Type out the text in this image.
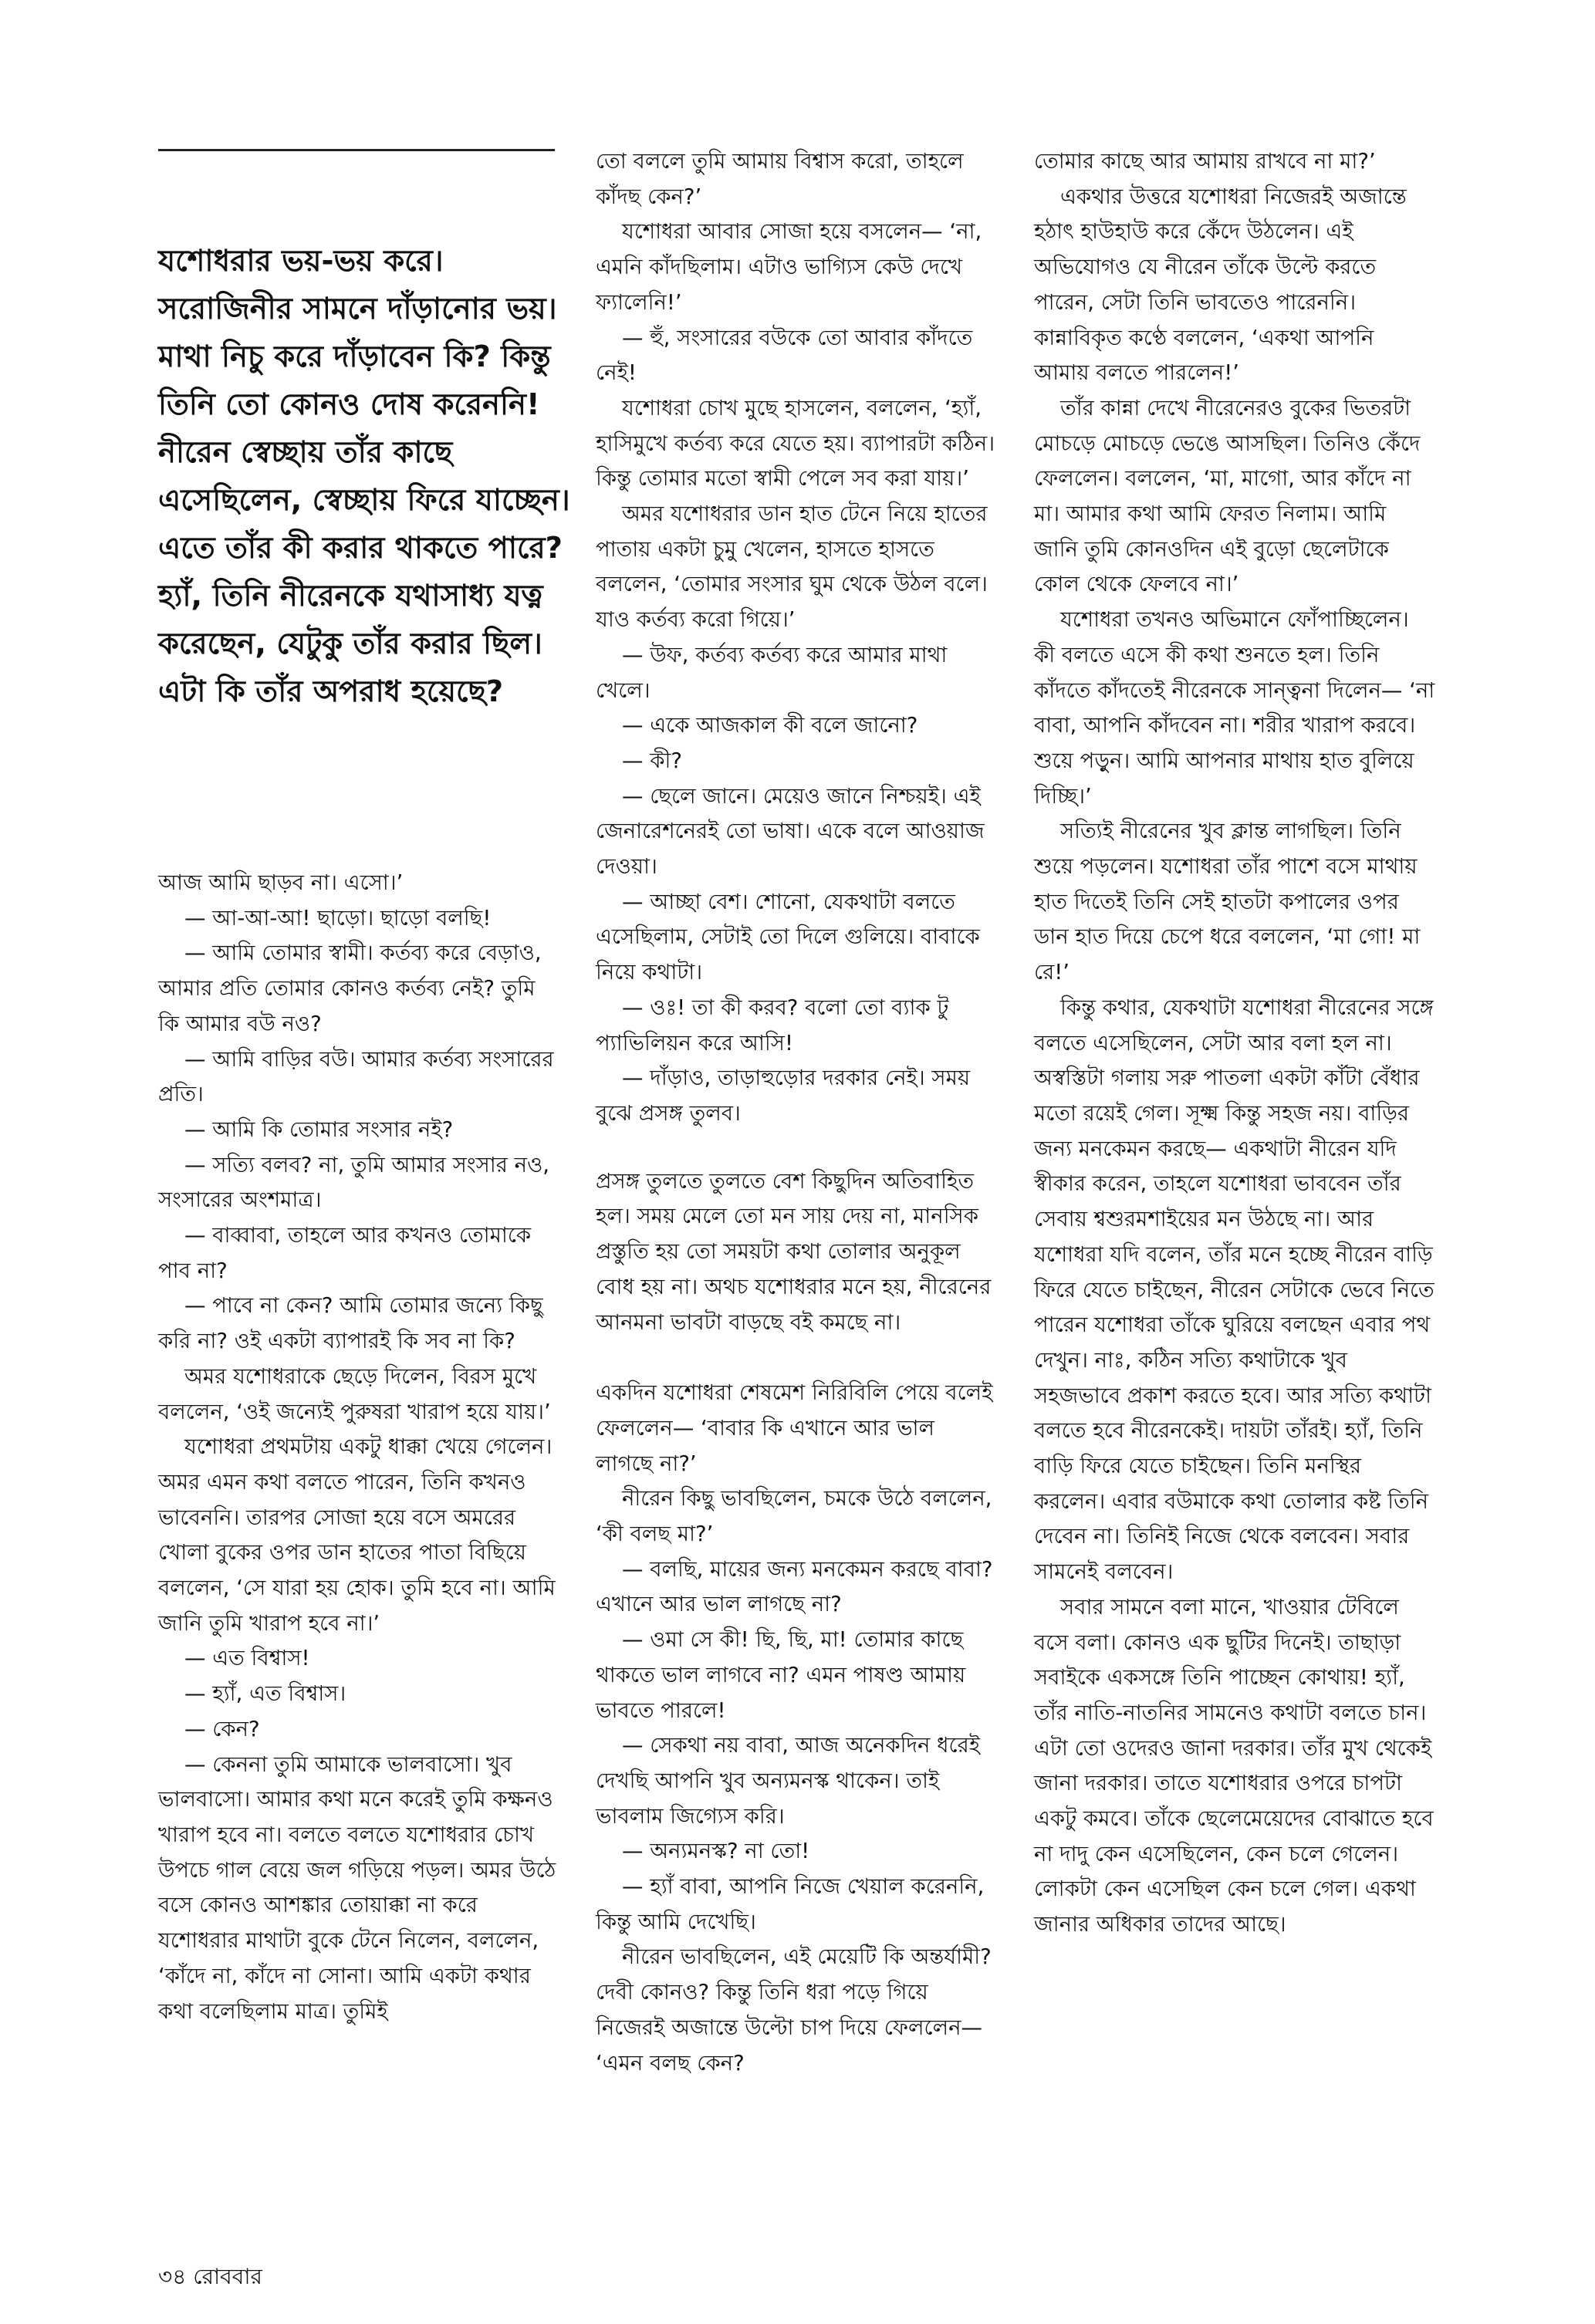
যশোধরার ভয়-ভয় করে। সরোজিনীর সামনে দাঁড়ানোর ভয়। মাথা নিচু করে দাঁড়াবেন কি? কিন্তু তিনি তো কোনও দোষ করেননি! নীরেন স্বেচ্ছায় তাঁর কাছে এসেছিলেন, স্বেচ্ছায় ফিরে যাচ্ছেন। এতে তাঁর কী করার থাকতে পারে? হ্যাঁ, তিনি নীরেনকে যথাসাধ্য যত্ন করেছেন, যেটুকু তাঁর করার ছিল। এটা কি তাঁর অপরাধ হয়েছে?

আজ আমি ছাড়ব না। এসো।’

— আ-আ-আ! ছাড়ো। ছাড়ো বলছি!

— আমি তোমার স্বামী। কর্তব্য করে বেড়াও, আমার প্রতি তোমার কোনও কর্তব্য নেই? তুমি কি আমার বউ নও?

— আমি বাড়ির বউ। আমার কর্তব্য সংসারের প্রতি।

— আমি কি তোমার সংসার নই?

— সত্যি বলব? না, তুমি আমার সংসার নও, সংসারের অংশমাত্র।

— বাব্বাবা, তাহলে আর কখনও তোমাকে পাব না?

— পাবে না কেন? আমি তোমার জন্যে কিছু করি না? ওই একটা ব্যাপারই কি সব না কি?

অমর যশোধরাকে ছেড়ে দিলেন, বিরস মুখে বললেন, ‘ওই জন্যেই পুরুষরা খারাপ হয়ে যায়।’

যশোধরা প্রথমটায় একটু ধাক্কা খেয়ে গেলেন। অমর এমন কথা বলতে পারেন, তিনি কখনও ভাবেননি। তারপর সোজা হয়ে বসে অমরের খোলা বুকের ওপর ডান হাতের পাতা বিছিয়ে বললেন, ‘সে যারা হয় হোক। তুমি হবে না। আমি জানি তুমি খারাপ হবে না।’

— এত বিশ্বাস!

— হ্যাঁ, এত বিশ্বাস।

— কেন?

— কেননা তুমি আমাকে ভালবাসো। খুব ভালবাসো। আমার কথা মনে করেই তুমি কক্ষনও খারাপ হবে না। বলতে বলতে যশোধরার চোখ উপচে গাল বেয়ে জল গড়িয়ে পড়ল। অমর উঠে বসে কোনও আশঙ্কার তোয়াক্কা না করে যশোধরার মাথাটা বুকে টেনে নিলেন, বললেন, ‘কাঁদে না, কাঁদে না সোনা। আমি একটা কথার কথা বলেছিলাম মাত্র। তুমিই

তো বললে তুমি আমায় বিশ্বাস করো, তাহলে কাঁদছ কেন?’

যশোধরা আবার সোজা হয়ে বসলেন— ‘না, এমনি কাঁদছিলাম। এটাও ভাগ্যিস কেউ দেখে ফ্যালেনি!’

— হুঁ, সংসারের বউকে তো আবার কাঁদতে নেই!

যশোধরা চোখ মুছে হাসলেন, বললেন, ‘হ্যাঁ, হাসিমুখে কর্তব্য করে যেতে হয়। ব্যাপারটা কঠিন। কিন্তু তোমার মতো স্বামী পেলে সব করা যায়।’

অমর যশোধরার ডান হাত টেনে নিয়ে হাতের পাতায় একটা চুমু খেলেন, হাসতে হাসতে বললেন, ‘তোমার সংসার ঘুম থেকে উঠল বলে। যাও কর্তব্য করো গিয়ে।’

— উফ, কর্তব্য কর্তব্য করে আমার মাথা খেলে।

— একে আজকাল কী বলে জানো?

— কী?

— ছেলে জানে। মেয়েও জানে নিশ্চয়ই। এই জেনারেশনেরই তো ভাষা। একে বলে আওয়াজ দেওয়া।

— আচ্ছা বেশ। শোনো, যেকথাটা বলতে এসেছিলাম, সেটাই তো দিলে গুলিয়ে। বাবাকে নিয়ে কথাটা।

— ওঃ! তা কী করব? বলো তো ব্যাক টু প্যাভিলিয়ন করে আসি!

— দাঁড়াও, তাড়াহুড়োর দরকার নেই। সময় বুঝে প্রসঙ্গ তুলব।

প্রসঙ্গ তুলতে তুলতে বেশ কিছুদিন অতিবাহিত হল। সময় মেলে তো মন সায় দেয় না, মানসিক প্রস্তুতি হয় তো সময়টা কথা তোলার অনুকূল বোধ হয় না। অথচ যশোধরার মনে হয়, নীরেনের আনমনা ভাবটা বাড়ছে বই কমছে না।

একদিন যশোধরা শেষমেশ নিরিবিলি পেয়ে বলেই ফেললেন— ‘বাবার কি এখানে আর ভাল লাগছে না?’

নীরেন কিছু ভাবছিলেন, চমকে উঠে বললেন, ‘কী বলছ মা?’

— বলছি, মায়ের জন্য মনকেমন করছে বাবা? এখানে আর ভাল লাগছে না?

— ওমা সে কী! ছি, ছি, মা! তোমার কাছে থাকতে ভাল লাগবে না? এমন পাষণ্ড আমায় ভাবতে পারলে!

— সেকথা নয় বাবা, আজ অনেকদিন ধরেই দেখছি আপনি খুব অন্যমনস্ক থাকেন। তাই ভাবলাম জিগ্যেস করি।

— অন্যমনস্ক? না তো!

— হ্যাঁ বাবা, আপনি নিজে খেয়াল করেননি, কিন্তু আমি দেখেছি।

নীরেন ভাবছিলেন, এই মেয়েটি কি অন্তর্যামী? দেবী কোনও? কিন্তু তিনি ধরা পড়ে গিয়ে নিজেরই অজান্তে উল্টো চাপ দিয়ে ফেললেন— ‘এমন বলছ কেন?

তোমার কাছে আর আমায় রাখবে না মা?’

একথার উত্তরে যশোধরা নিজেরই অজান্তে হঠাৎ হাউহাউ করে কেঁদে উঠলেন। এই অভিযোগও যে নীরেন তাঁকে উল্টে করতে পারেন, সেটা তিনি ভাবতেও পারেননি। কান্নাবিকৃত কণ্ঠে বললেন, ‘একথা আপনি আমায় বলতে পারলেন!’

তাঁর কান্না দেখে নীরেনেরও বুকের ভিতরটা মোচড়ে মোচড়ে ভেঙে আসছিল। তিনিও কেঁদে ফেললেন। বললেন, ‘মা, মাগো, আর কাঁদে না মা। আমার কথা আমি ফেরত নিলাম। আমি জানি তুমি কোনওদিন এই বুড়ো ছেলেটাকে কোল থেকে ফেলবে না।’

যশোধরা তখনও অভিমানে ফোঁপাচ্ছিলেন। কী বলতে এসে কী কথা শুনতে হল। তিনি কাঁদতে কাঁদতেই নীরেনকে সান্ত্বনা দিলেন— ‘না বাবা, আপনি কাঁদবেন না। শরীর খারাপ করবে। শুয়ে পড়ুন। আমি আপনার মাথায় হাত বুলিয়ে দিচ্ছি।’

সত্যিই নীরেনের খুব ক্লান্ত লাগছিল। তিনি শুয়ে পড়লেন। যশোধরা তাঁর পাশে বসে মাথায় হাত দিতেই তিনি সেই হাতটা কপালের ওপর ডান হাত দিয়ে চেপে ধরে বললেন, ‘মা গো! মা রে!’

কিন্তু কথার, যেকথাটা যশোধরা নীরেনের সঙ্গে বলতে এসেছিলেন, সেটা আর বলা হল না। অস্বস্তিটা গলায় সরু পাতলা একটা কাঁটা বেঁধার মতো রয়েই গেল। সূক্ষ্ম কিন্তু সহজ নয়। বাড়ির জন্য মনকেমন করছে— একথাটা নীরেন যদি স্বীকার করেন, তাহলে যশোধরা ভাববেন তাঁর সেবায় শ্বশুরমশাইয়ের মন উঠছে না। আর যশোধরা যদি বলেন, তাঁর মনে হচ্ছে নীরেন বাড়ি ফিরে যেতে চাইছেন, নীরেন সেটাকে ভেবে নিতে পারেন যশোধরা তাঁকে ঘুরিয়ে বলছেন এবার পথ দেখুন। নাঃ, কঠিন সত্যি কথাটাকে খুব সহজভাবে প্রকাশ করতে হবে। আর সত্যি কথাটা বলতে হবে নীরেনকেই। দায়টা তাঁরই। হ্যাঁ, তিনি বাড়ি ফিরে যেতে চাইছেন। তিনি মনস্থির করলেন। এবার বউমাকে কথা তোলার কষ্ট তিনি দেবেন না। তিনিই নিজে থেকে বলবেন। সবার সামনেই বলবেন।

সবার সামনে বলা মানে, খাওয়ার টেবিলে বসে বলা। কোনও এক ছুটির দিনেই। তাছাড়া সবাইকে একসঙ্গে তিনি পাচ্ছেন কোথায়! হ্যাঁ, তাঁর নাতি-নাতনির সামনেও কথাটা বলতে চান। এটা তো ওদেরও জানা দরকার। তাঁর মুখ থেকেই জানা দরকার। তাতে যশোধরার ওপরে চাপটা একটু কমবে। তাঁকে ছেলেমেয়েদের বোঝাতে হবে না দাদু কেন এসেছিলেন, কেন চলে গেলেন। লোকটা কেন এসেছিল কেন চলে গেল। একথা জানার অধিকার তাদের আছে।

৩৪ রোববার
